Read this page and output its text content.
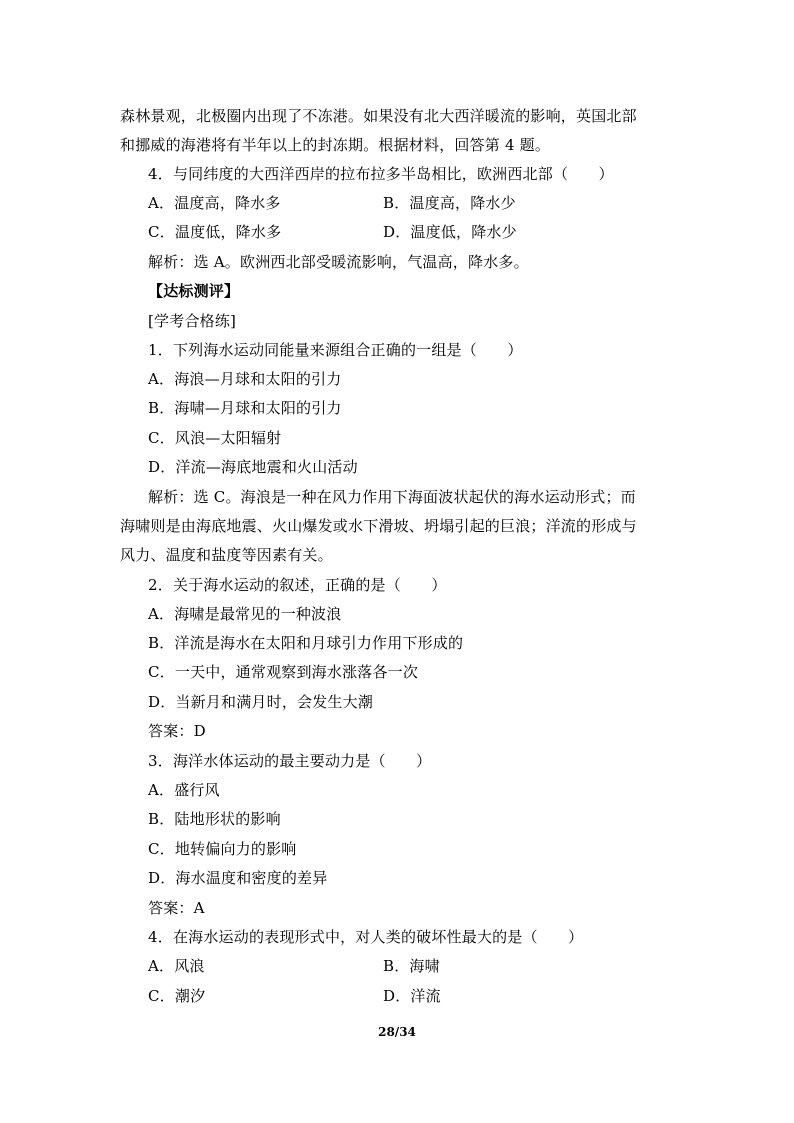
森林景观，北极圈内出现了不冻港。如果没有北大西洋暖流的影响，英国北部
和挪威的海港将有半年以上的封冻期。根据材料，回答第 4 题。
4．与同纬度的大西洋西岸的拉布拉多半岛相比，欧洲西北部（　　）
A．温度高，降水多	B．温度高，降水少
C．温度低，降水多	D．温度低，降水少
解析：选 A。欧洲西北部受暖流影响，气温高，降水多。
【达标测评】
[学考合格练]
1．下列海水运动同能量来源组合正确的一组是（　　）
A．海浪—月球和太阳的引力
B．海啸—月球和太阳的引力
C．风浪—太阳辐射
D．洋流—海底地震和火山活动
解析：选 C。海浪是一种在风力作用下海面波状起伏的海水运动形式；而
海啸则是由海底地震、火山爆发或水下滑坡、坍塌引起的巨浪；洋流的形成与
风力、温度和盐度等因素有关。
2．关于海水运动的叙述，正确的是（　　）
A．海啸是最常见的一种波浪
B．洋流是海水在太阳和月球引力作用下形成的
C．一天中，通常观察到海水涨落各一次
D．当新月和满月时，会发生大潮
答案：D
3．海洋水体运动的最主要动力是（　　）
A．盛行风
B．陆地形状的影响
C．地转偏向力的影响
D．海水温度和密度的差异
答案：A
4．在海水运动的表现形式中，对人类的破坏性最大的是（　　）
A．风浪	B．海啸
C．潮汐	D．洋流
28/34
